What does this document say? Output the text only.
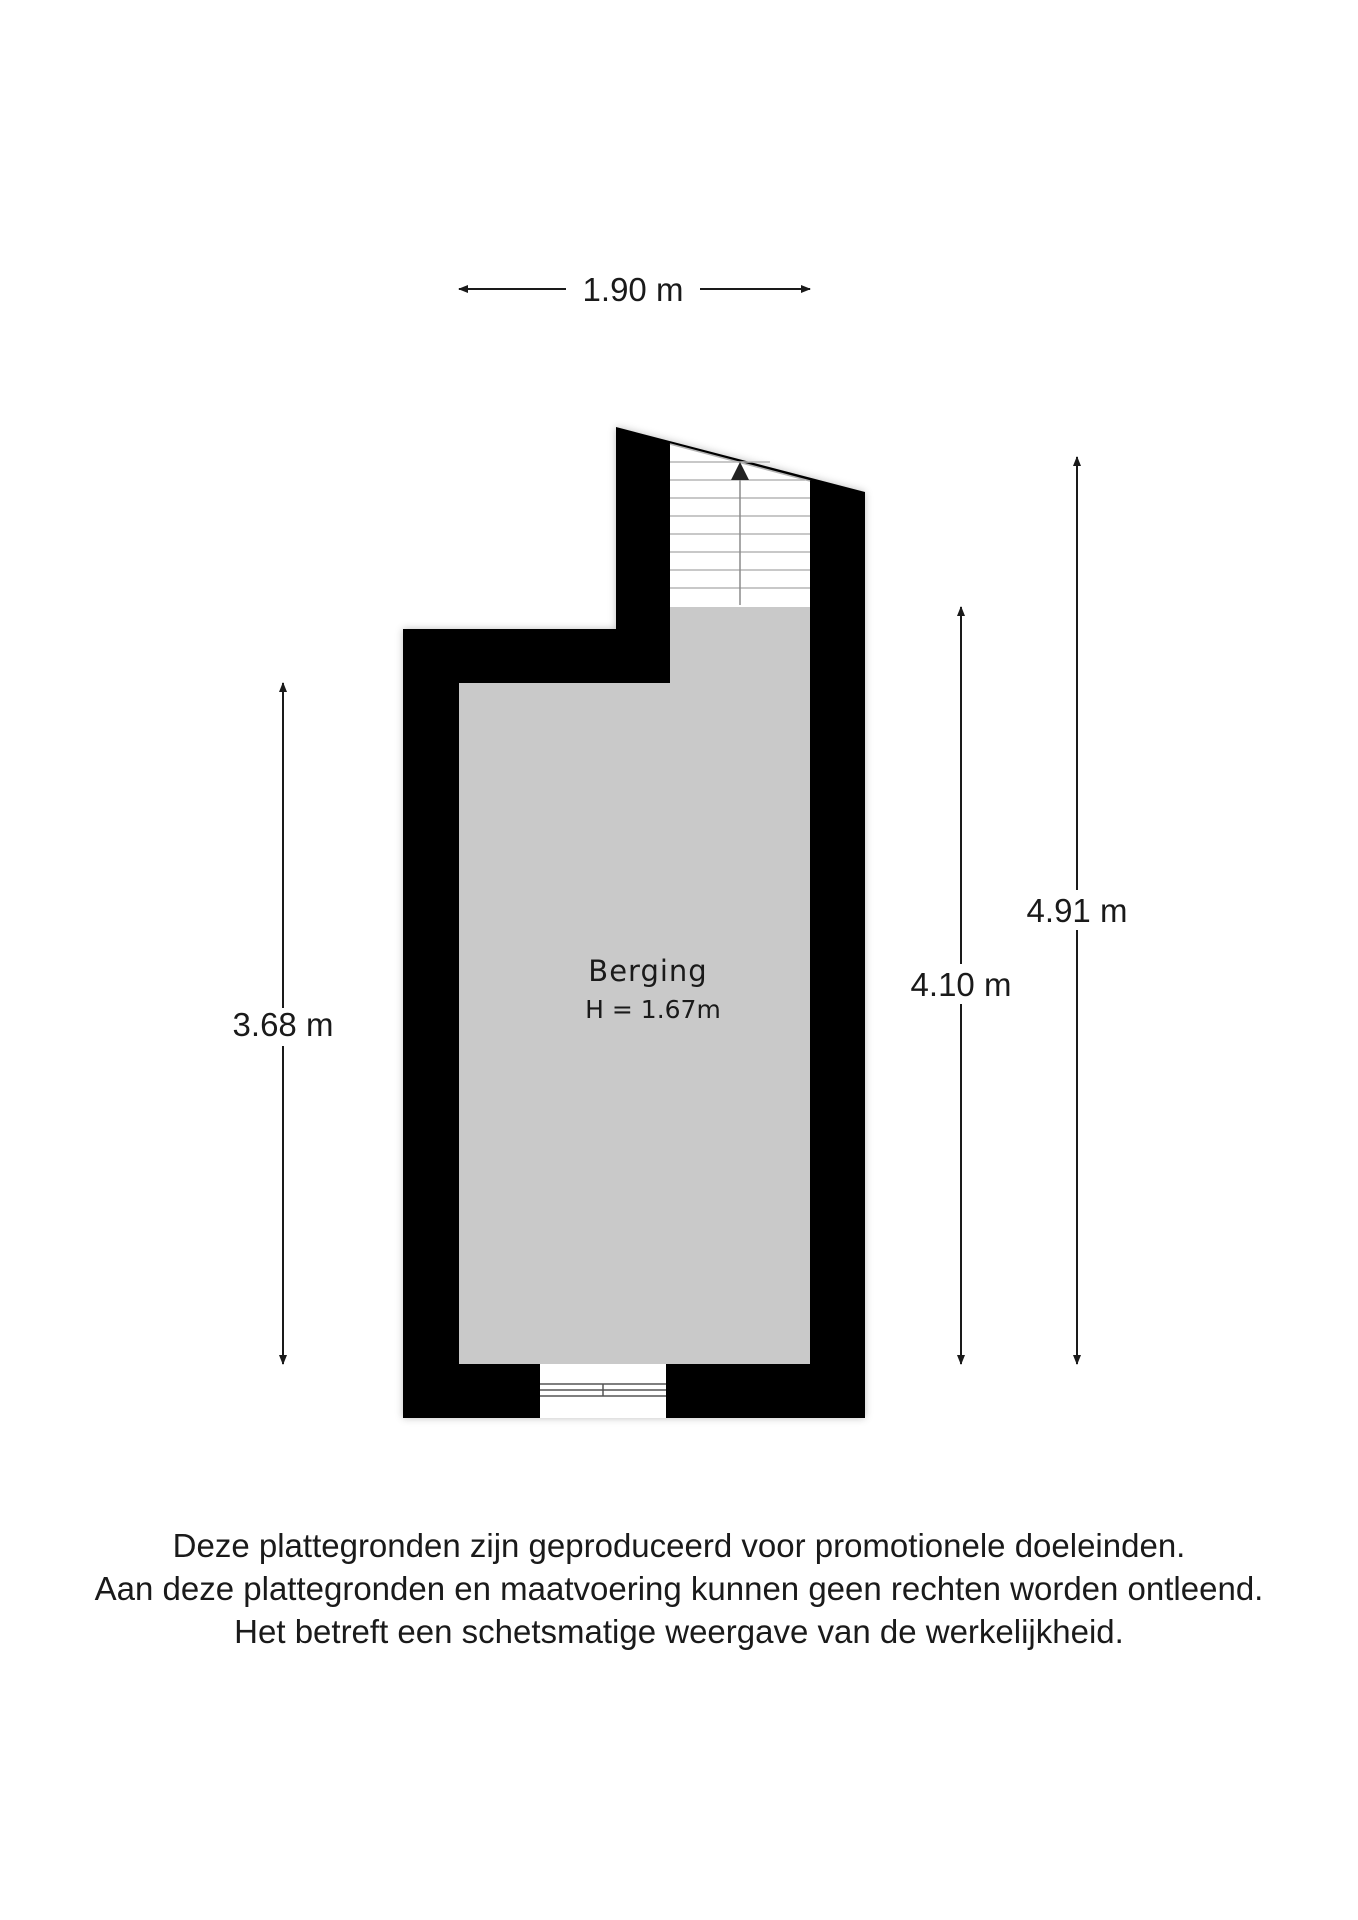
1.90 m
3.68 m
4.10 m
4.91 m
Berging
H = 1.67m
Deze plattegronden zijn geproduceerd voor promotionele doeleinden.
Aan deze plattegronden en maatvoering kunnen geen rechten worden ontleend.
Het betreft een schetsmatige weergave van de werkelijkheid.
